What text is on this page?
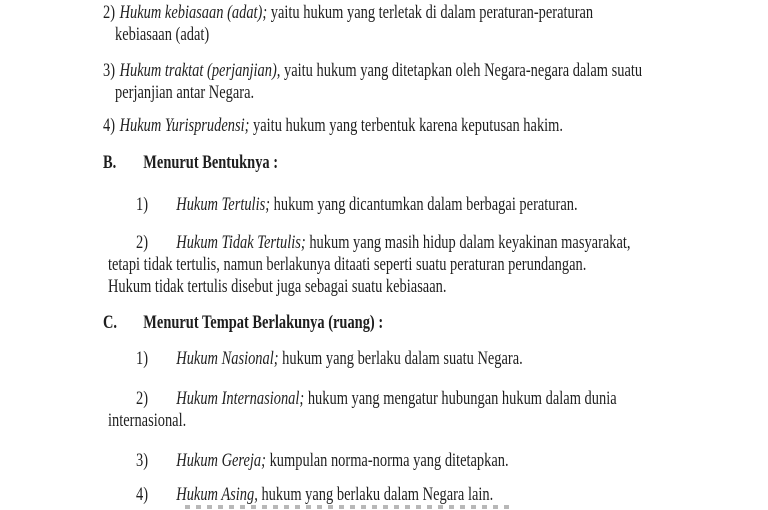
2) Hukum kebiasaan (adat); yaitu hukum yang terletak di dalam peraturan-peraturan
kebiasaan (adat)
3) Hukum traktat (perjanjian), yaitu hukum yang ditetapkan oleh Negara-negara dalam suatu
perjanjian antar Negara.
4) Hukum Yurisprudensi; yaitu hukum yang terbentuk karena keputusan hakim.
B. Menurut Bentuknya :
1) Hukum Tertulis; hukum yang dicantumkan dalam berbagai peraturan.
2) Hukum Tidak Tertulis; hukum yang masih hidup dalam keyakinan masyarakat,
tetapi tidak tertulis, namun berlakunya ditaati seperti suatu peraturan perundangan.
Hukum tidak tertulis disebut juga sebagai suatu kebiasaan.
C. Menurut Tempat Berlakunya (ruang) :
1) Hukum Nasional; hukum yang berlaku dalam suatu Negara.
2) Hukum Internasional; hukum yang mengatur hubungan hukum dalam dunia
internasional.
3) Hukum Gereja; kumpulan norma-norma yang ditetapkan.
4) Hukum Asing, hukum yang berlaku dalam Negara lain.
